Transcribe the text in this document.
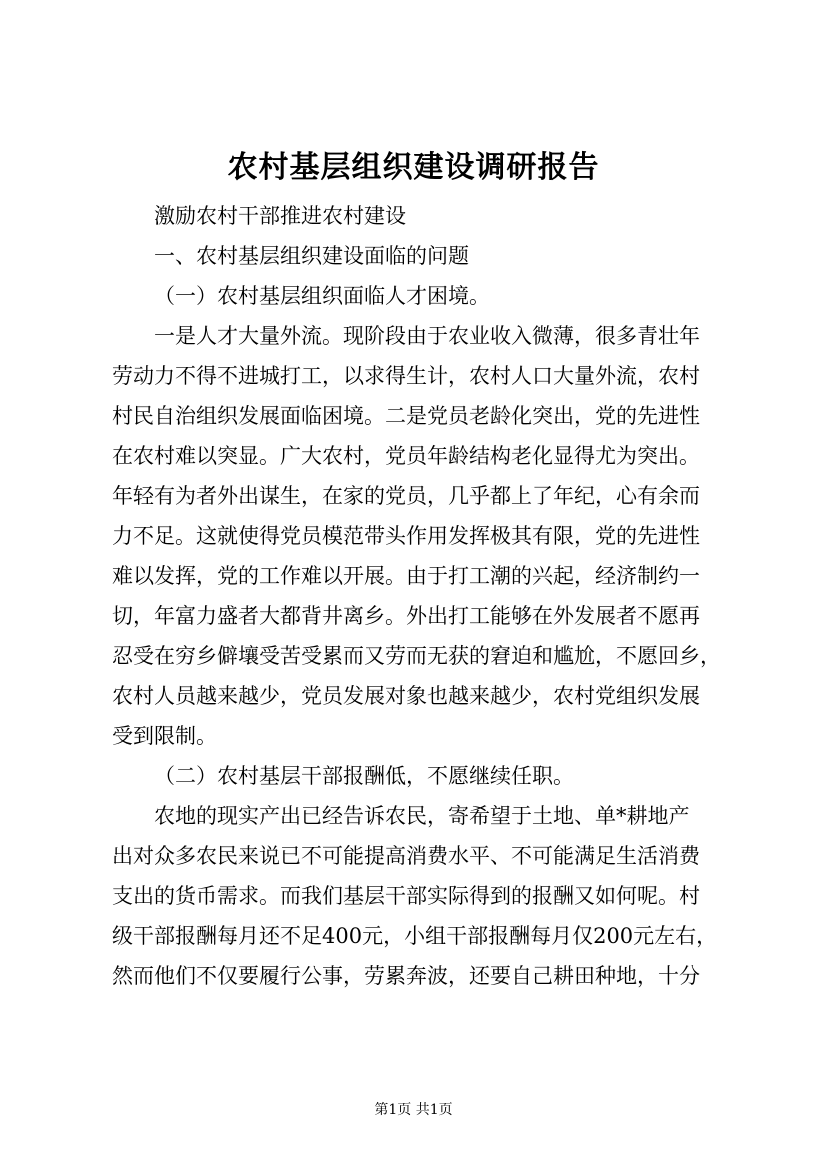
农村基层组织建设调研报告
激励农村干部推进农村建设
一、农村基层组织建设面临的问题
（一）农村基层组织面临人才困境。
一是人才大量外流。现阶段由于农业收入微薄，很多青壮年
劳动力不得不进城打工，以求得生计，农村人口大量外流，农村
村民自治组织发展面临困境。二是党员老龄化突出，党的先进性
在农村难以突显。广大农村，党员年龄结构老化显得尤为突出。
年轻有为者外出谋生，在家的党员，几乎都上了年纪，心有余而
力不足。这就使得党员模范带头作用发挥极其有限，党的先进性
难以发挥，党的工作难以开展。由于打工潮的兴起，经济制约一
切，年富力盛者大都背井离乡。外出打工能够在外发展者不愿再
忍受在穷乡僻壤受苦受累而又劳而无获的窘迫和尴尬，不愿回乡，
农村人员越来越少，党员发展对象也越来越少，农村党组织发展
受到限制。
（二）农村基层干部报酬低，不愿继续任职。
农地的现实产出已经告诉农民，寄希望于土地、单*耕地产
出对众多农民来说已不可能提高消费水平、不可能满足生活消费
支出的货币需求。而我们基层干部实际得到的报酬又如何呢。村
级干部报酬每月还不足400元，小组干部报酬每月仅200元左右，
然而他们不仅要履行公事，劳累奔波，还要自己耕田种地，十分
第1页 共1页
